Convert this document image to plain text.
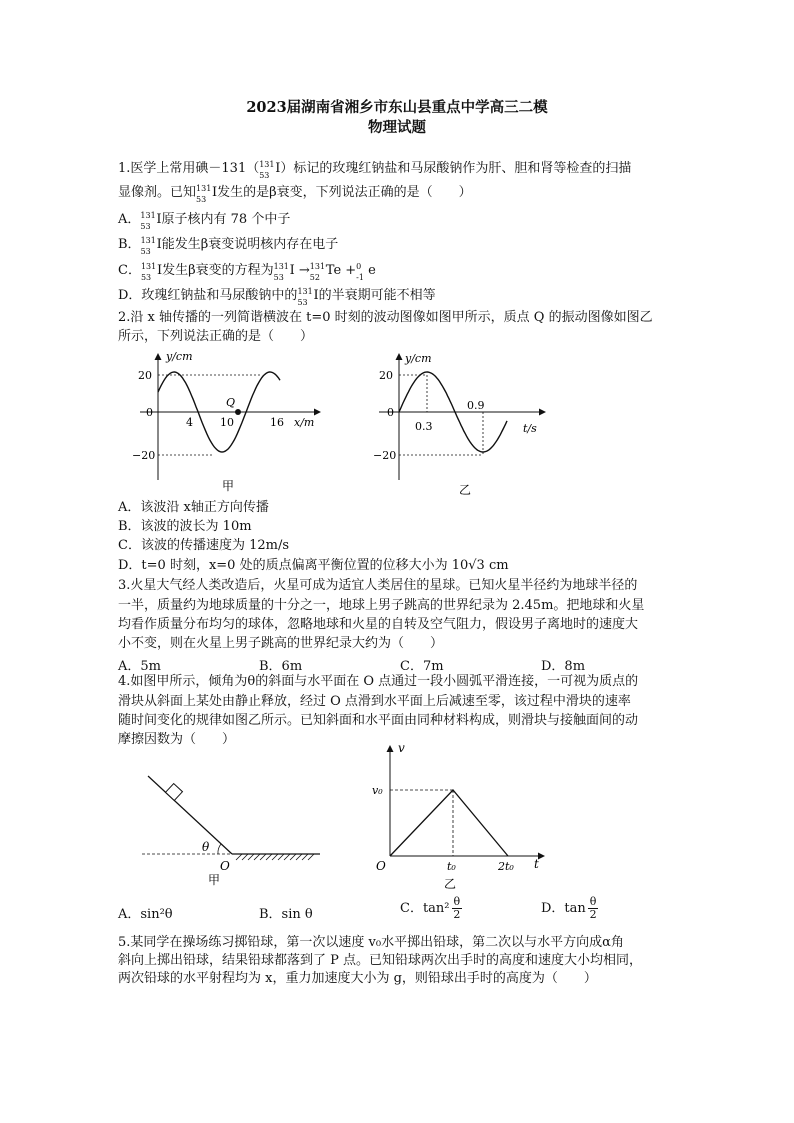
2023届湖南省湘乡市东山县重点中学高三二模
物理试题
1.医学上常用碘－131（ 131
53 I）标记的玫瑰红钠盐和马尿酸钠作为肝、胆和肾等检查的扫描
显像剂。已知 131
53 I发生的是β衰变，下列说法正确的是（　　）
A． 131
53 I原子核内有 78 个中子
B． 131
53 I能发生β衰变说明核内存在电子
C． 131
53 I发生β衰变的方程为 131
53 I → 131
52 Te + 0
-1 e
D．玫瑰红钠盐和马尿酸钠中的 131
53 I的半衰期可能不相等
2.沿 x 轴传播的一列简谐横波在 t=0 时刻的波动图像如图甲所示，质点 Q 的振动图像如图乙
所示，下列说法正确的是（　　）
y/cm
20
0
−20
4 10	16 x/m
Q
甲
y/cm
20
0
−20
0.3
0.9
t/s
乙
A．该波沿 x轴正方向传播
B．该波的波长为 10m
C．该波的传播速度为 12m/s
D．t=0 时刻，x=0 处的质点偏离平衡位置的位移大小为 10√3 cm
3.火星大气经人类改造后，火星可成为适宜人类居住的星球。已知火星半径约为地球半径的
一半，质量约为地球质量的十分之一，地球上男子跳高的世界纪录为 2.45m。把地球和火星
均看作质量分布均匀的球体，忽略地球和火星的自转及空气阻力，假设男子离地时的速度大
小不变，则在火星上男子跳高的世界纪录大约为（　　）
A．5m	B．6m	C．7m	D．8m
4.如图甲所示，倾角为θ的斜面与水平面在 O 点通过一段小圆弧平滑连接，一可视为质点的
滑块从斜面上某处由静止释放，经过 O 点滑到水平面上后减速至零，该过程中滑块的速率
随时间变化的规律如图乙所示。已知斜面和水平面由同种材料构成，则滑块与接触面间的动
摩擦因数为（　　）
θ
O
甲
v
v₀
O	t₀	2t₀ t
乙
A．sin²θ	B．sin θ	C．$\tan^2 \frac{\theta}{2}$	D．$\tan \frac{\theta}{2}$
5.某同学在操场练习掷铅球，第一次以速度 v₀水平掷出铅球，第二次以与水平方向成α角
斜向上掷出铅球，结果铅球都落到了 P 点。已知铅球两次出手时的高度和速度大小均相同，
两次铅球的水平射程均为 x，重力加速度大小为 g，则铅球出手时的高度为（　　）
